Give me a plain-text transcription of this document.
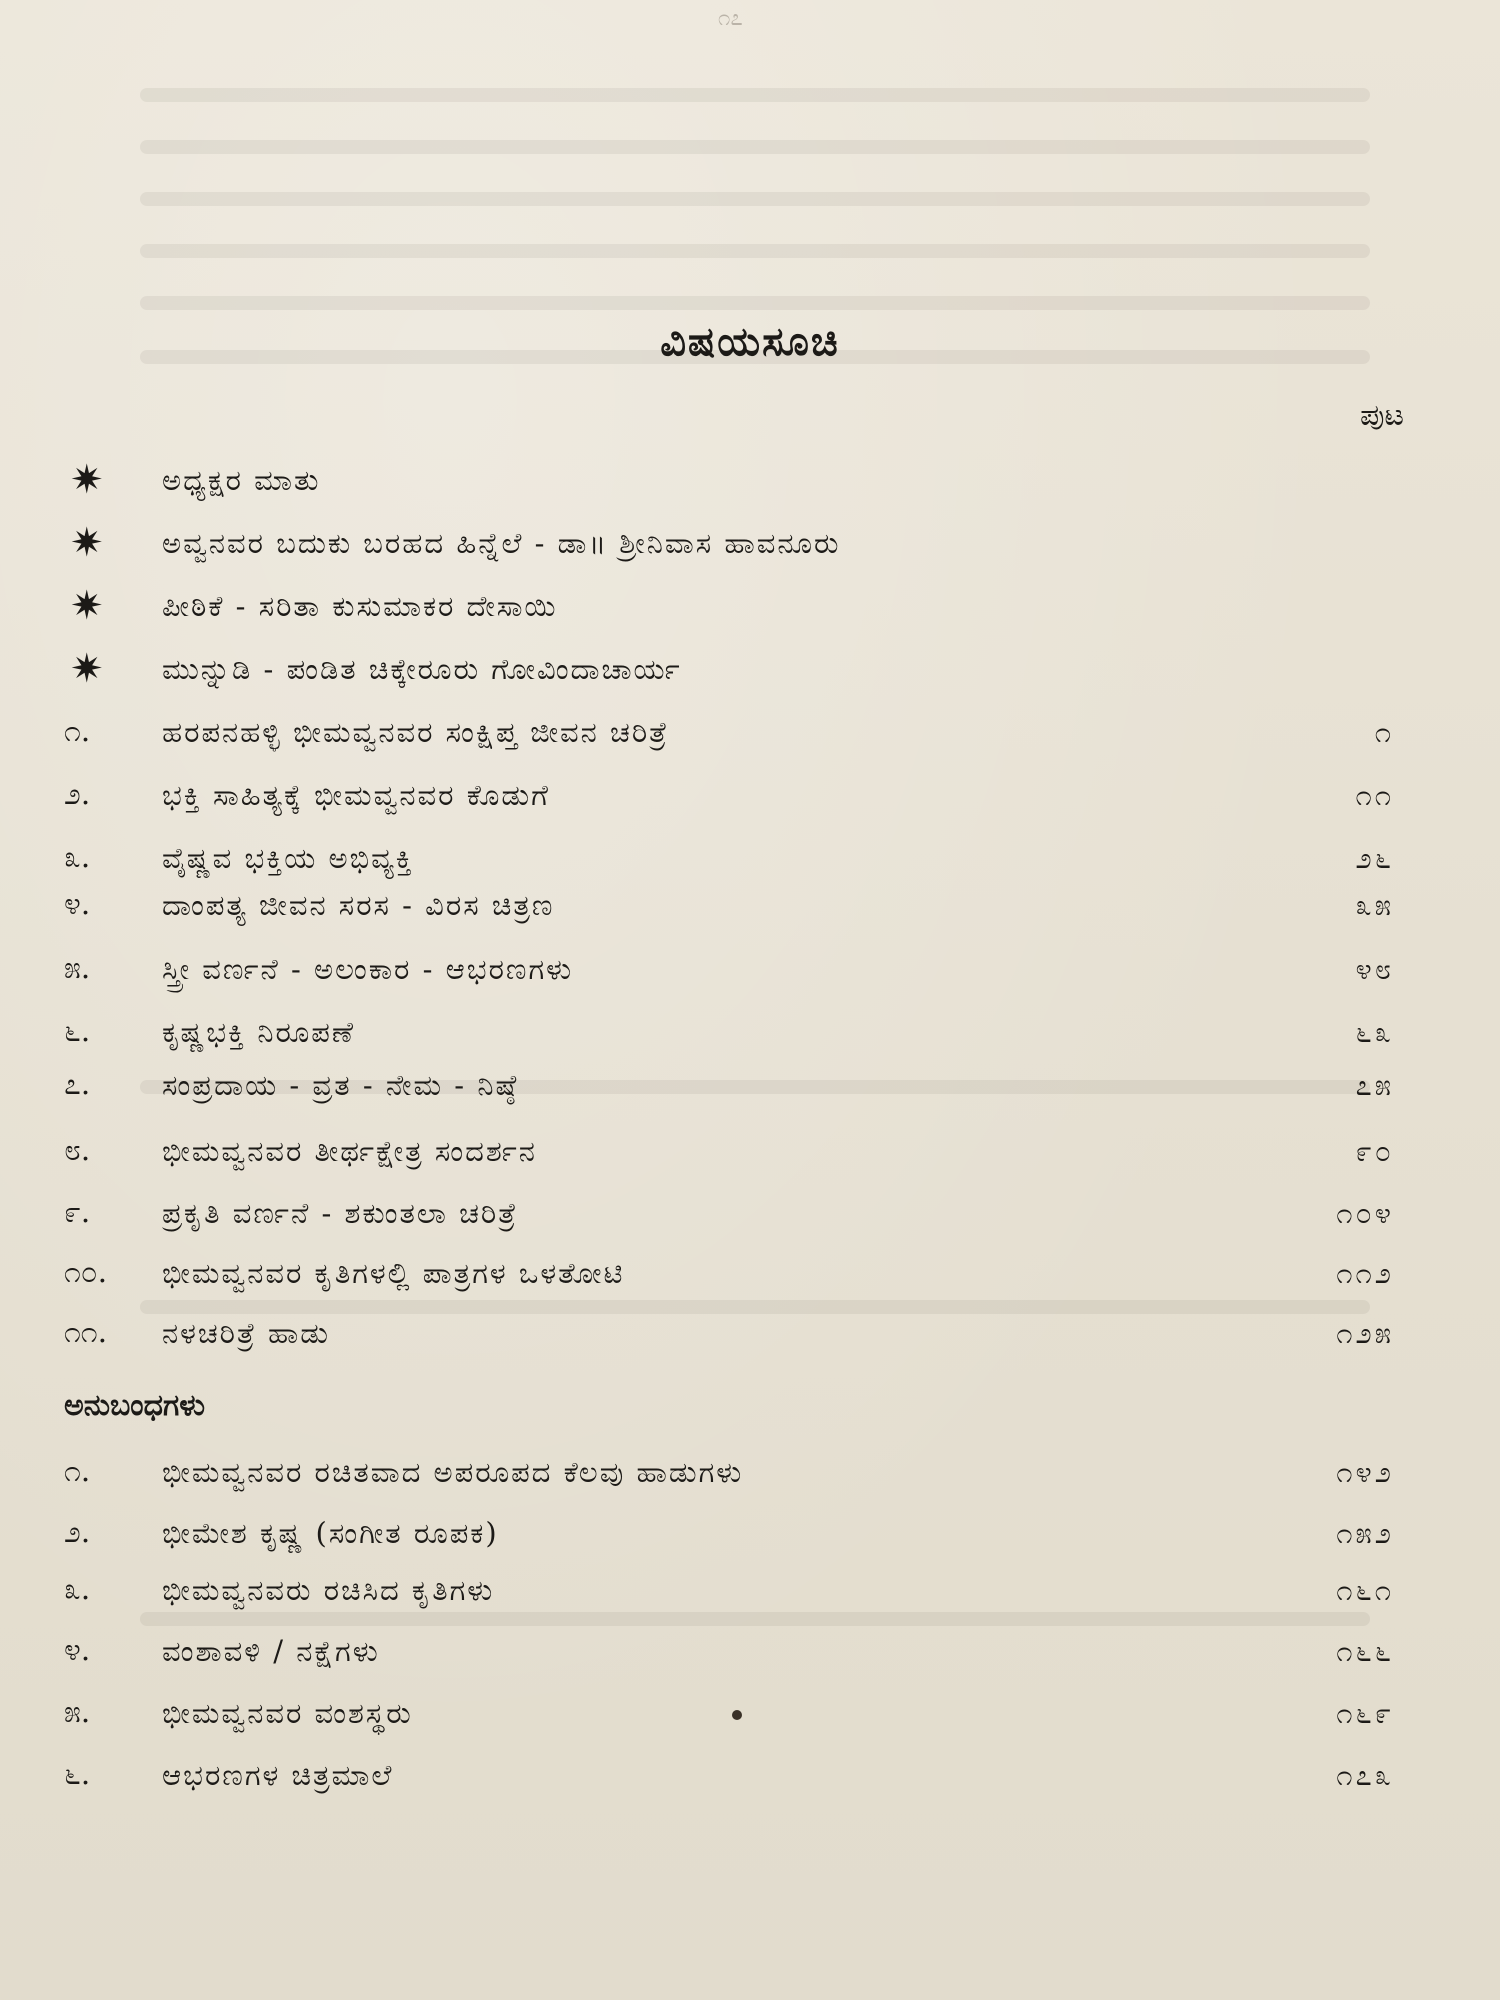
೧೭
ವಿಷಯಸೂಚಿ
ಪುಟ
✷	ಅಧ್ಯಕ್ಷರ ಮಾತು
✷	ಅವ್ವನವರ ಬದುಕು ಬರಹದ ಹಿನ್ನೆಲೆ - ಡಾ॥ ಶ್ರೀನಿವಾಸ ಹಾವನೂರು
✷	ಪೀಠಿಕೆ - ಸರಿತಾ ಕುಸುಮಾಕರ ದೇಸಾಯಿ
✷	ಮುನ್ನುಡಿ - ಪಂಡಿತ ಚಿಕ್ಕೇರೂರು ಗೋವಿಂದಾಚಾರ್ಯ
೧.	ಹರಪನಹಳ್ಳಿ ಭೀಮವ್ವನವರ ಸಂಕ್ಷಿಪ್ತ ಜೀವನ ಚರಿತ್ರೆ	೧
೨.	ಭಕ್ತಿ ಸಾಹಿತ್ಯಕ್ಕೆ ಭೀಮವ್ವನವರ ಕೊಡುಗೆ	೧೧
೩.	ವೈಷ್ಣವ ಭಕ್ತಿಯ ಅಭಿವ್ಯಕ್ತಿ	೨೬
೪.	ದಾಂಪತ್ಯ ಜೀವನ ಸರಸ - ವಿರಸ ಚಿತ್ರಣ	೩೫
೫.	ಸ್ತ್ರೀ ವರ್ಣನೆ - ಅಲಂಕಾರ - ಆಭರಣಗಳು	೪೮
೬.	ಕೃಷ್ಣಭಕ್ತಿ ನಿರೂಪಣೆ	೬೩
೭.	ಸಂಪ್ರದಾಯ - ವ್ರತ - ನೇಮ - ನಿಷ್ಠೆ	೭೫
೮.	ಭೀಮವ್ವನವರ ತೀರ್ಥಕ್ಷೇತ್ರ ಸಂದರ್ಶನ	೯೦
೯.	ಪ್ರಕೃತಿ ವರ್ಣನೆ - ಶಕುಂತಲಾ ಚರಿತ್ರೆ	೧೦೪
೧೦.	ಭೀಮವ್ವನವರ ಕೃತಿಗಳಲ್ಲಿ ಪಾತ್ರಗಳ ಒಳತೋಟಿ	೧೧೨
೧೧.	ನಳಚರಿತ್ರೆ ಹಾಡು	೧೨೫
ಅನುಬಂಧಗಳು
೧.	ಭೀಮವ್ವನವರ ರಚಿತವಾದ ಅಪರೂಪದ ಕೆಲವು ಹಾಡುಗಳು	೧೪೨
೨.	ಭೀಮೇಶ ಕೃಷ್ಣ (ಸಂಗೀತ ರೂಪಕ)	೧೫೨
೩.	ಭೀಮವ್ವನವರು ರಚಿಸಿದ ಕೃತಿಗಳು	೧೬೧
೪.	ವಂಶಾವಳಿ / ನಕ್ಷೆಗಳು	೧೬೬
೫.	ಭೀಮವ್ವನವರ ವಂಶಸ್ಥರು	೧೬೯
೬.	ಆಭರಣಗಳ ಚಿತ್ರಮಾಲೆ	೧೭೩
